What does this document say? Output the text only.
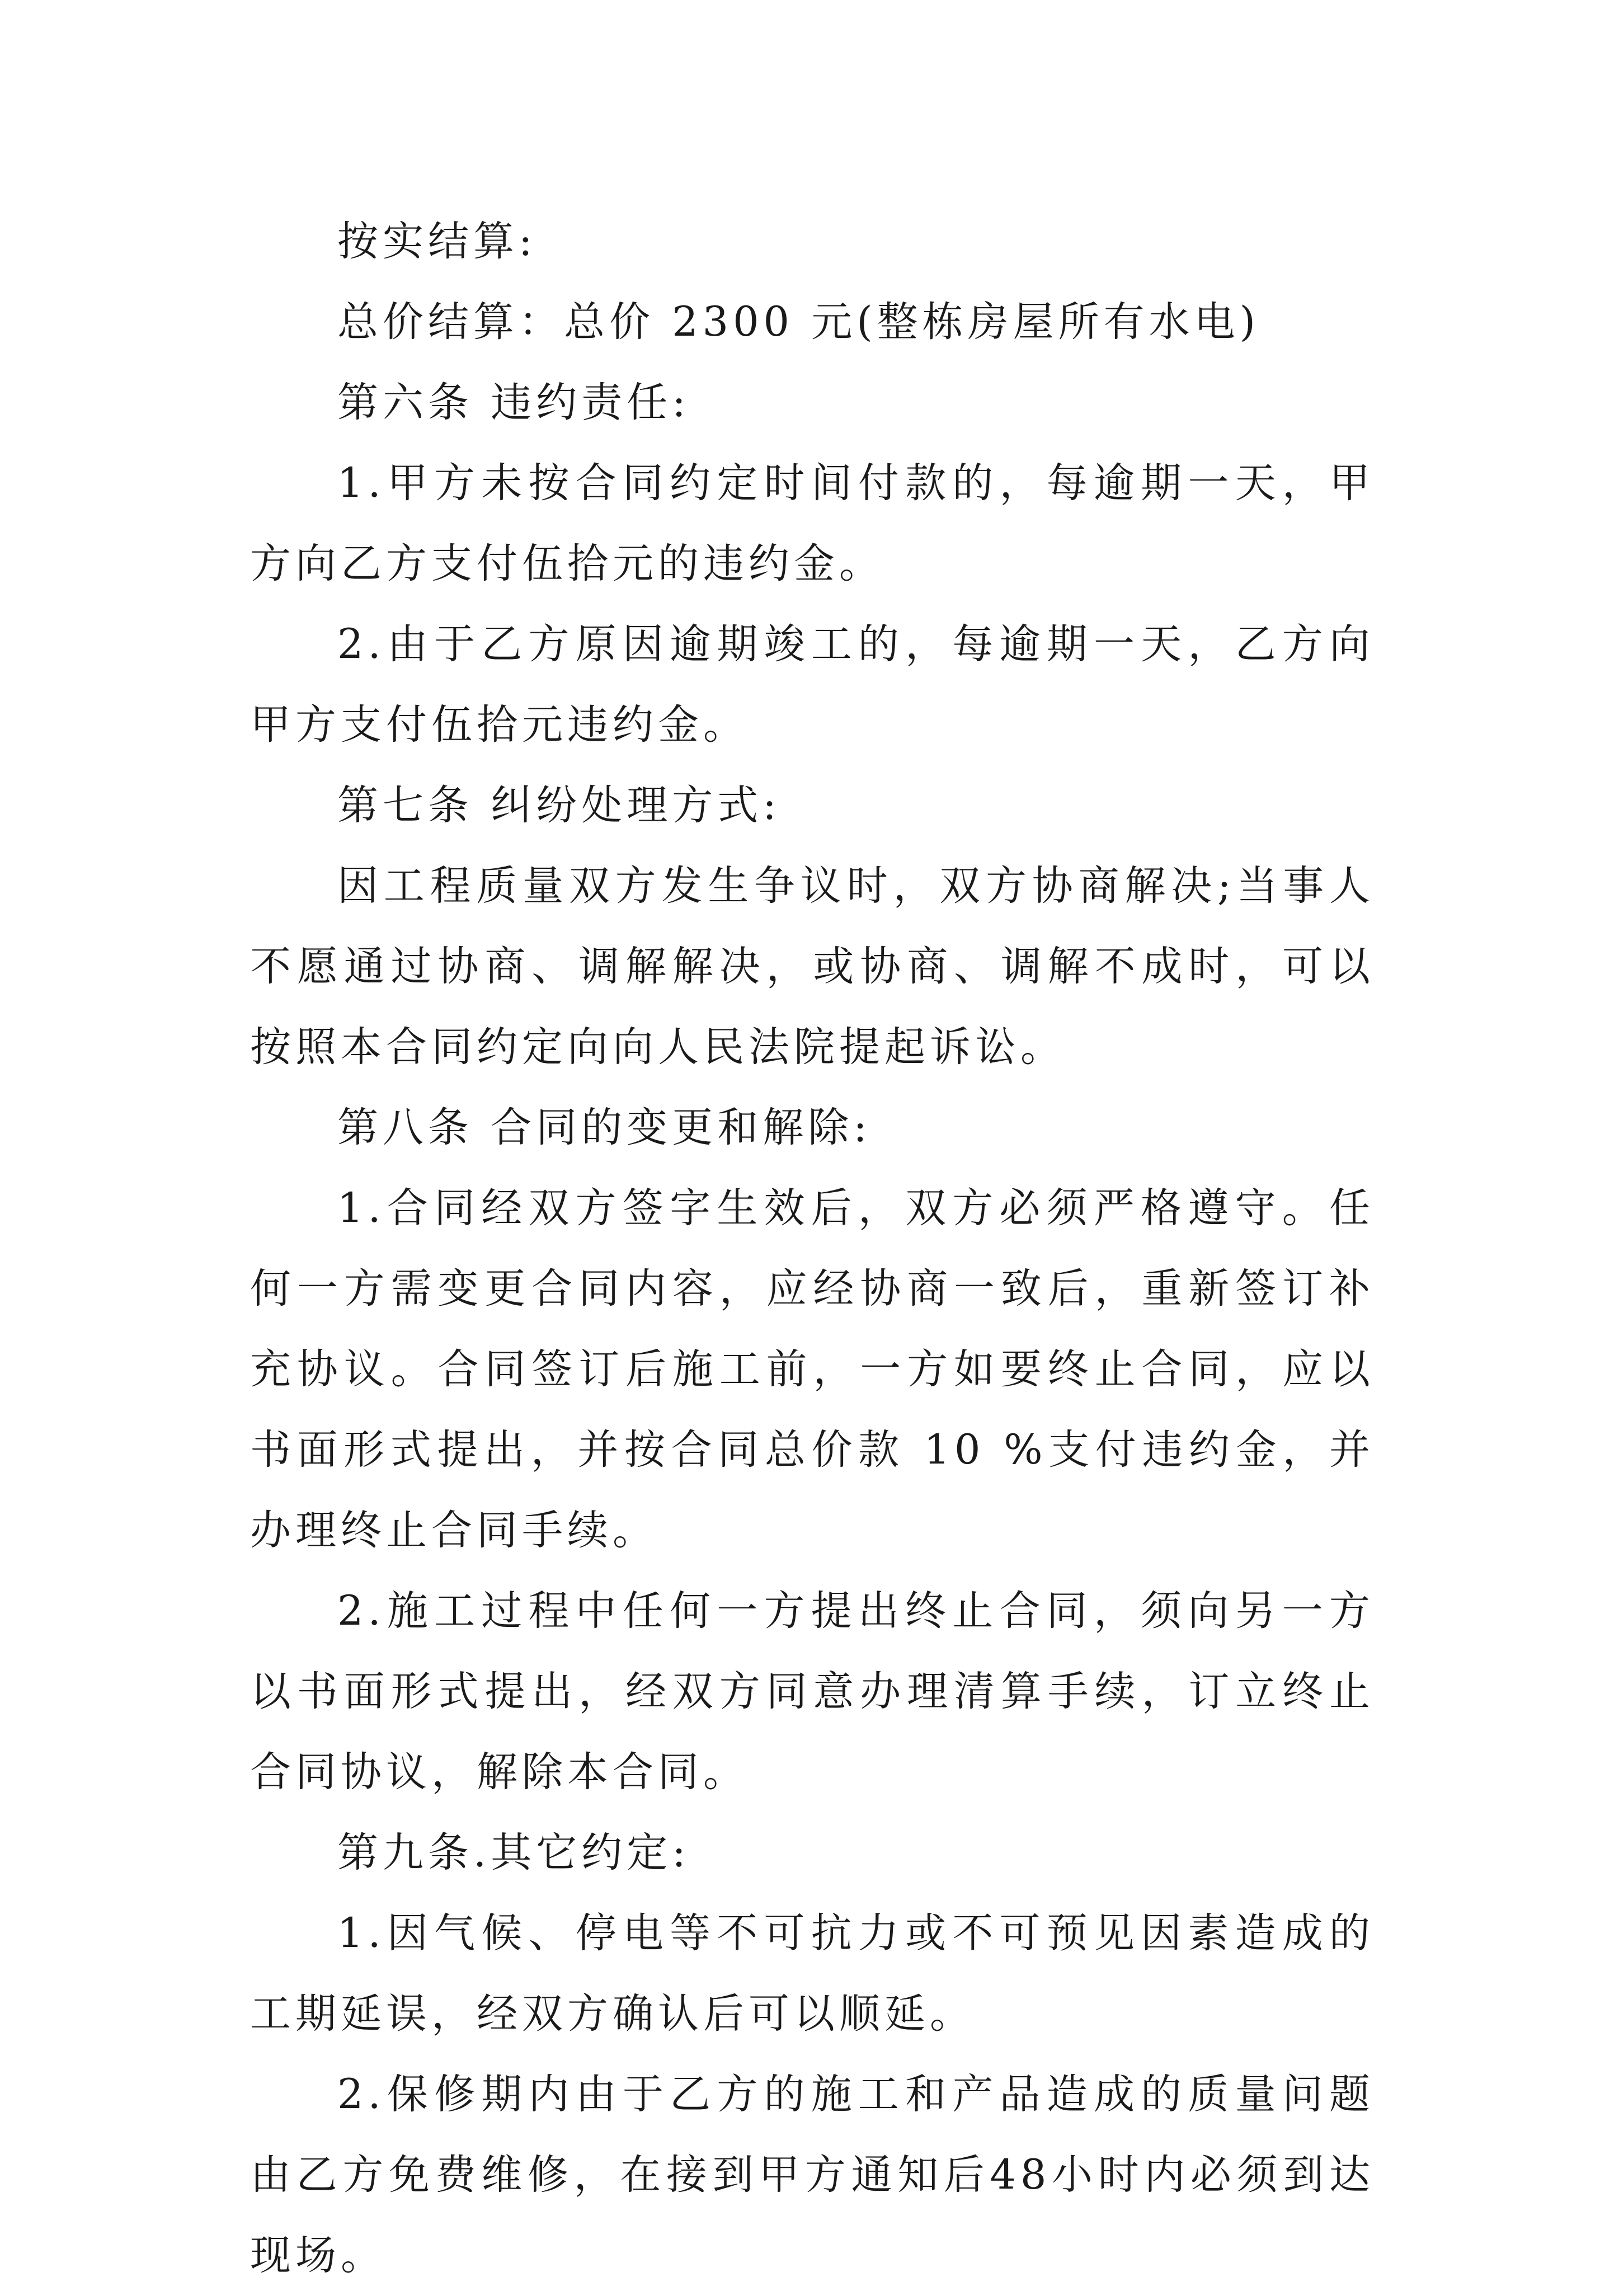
按实结算:

总价结算：总价 2300 元(整栋房屋所有水电)

第六条 违约责任:

1.甲方未按合同约定时间付款的，每逾期一天，甲方向乙方支付伍拾元的违约金。

2.由于乙方原因逾期竣工的，每逾期一天，乙方向甲方支付伍拾元违约金。

第七条 纠纷处理方式:

因工程质量双方发生争议时，双方协商解决;当事人不愿通过协商、调解解决，或协商、调解不成时，可以按照本合同约定向向人民法院提起诉讼。

第八条 合同的变更和解除:

1.合同经双方签字生效后，双方必须严格遵守。任何一方需变更合同内容，应经协商一致后，重新签订补充协议。合同签订后施工前，一方如要终止合同，应以书面形式提出，并按合同总价款 10 %支付违约金，并办理终止合同手续。

2.施工过程中任何一方提出终止合同，须向另一方以书面形式提出，经双方同意办理清算手续，订立终止合同协议，解除本合同。

第九条.其它约定:

1.因气候、停电等不可抗力或不可预见因素造成的工期延误，经双方确认后可以顺延。

2.保修期内由于乙方的施工和产品造成的质量问题由乙方免费维修，在接到甲方通知后48小时内必须到达现场。
